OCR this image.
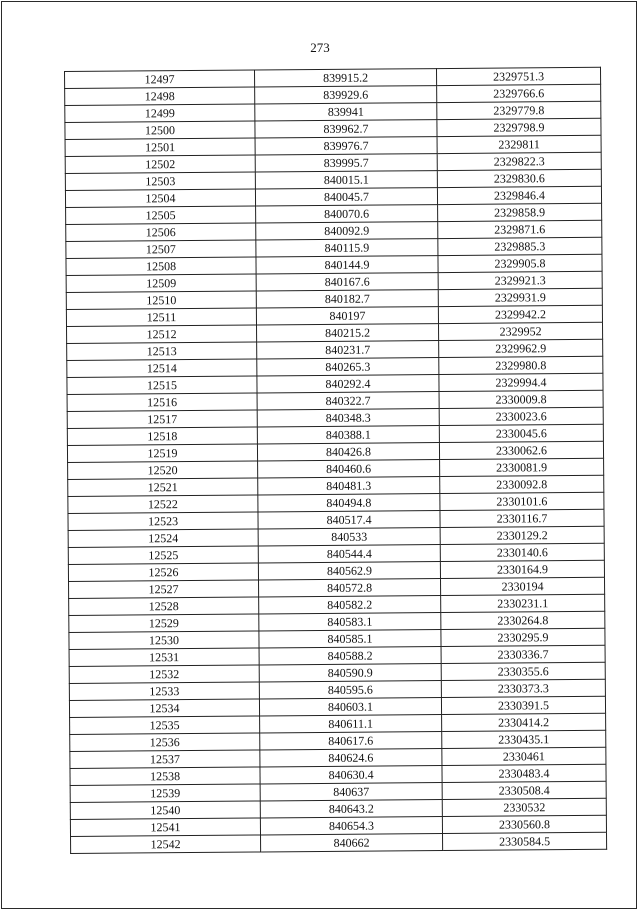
273
12497	839915.2	2329751.3
12498	839929.6	2329766.6
12499	839941	2329779.8
12500	839962.7	2329798.9
12501	839976.7	2329811
12502	839995.7	2329822.3
12503	840015.1	2329830.6
12504	840045.7	2329846.4
12505	840070.6	2329858.9
12506	840092.9	2329871.6
12507	840115.9	2329885.3
12508	840144.9	2329905.8
12509	840167.6	2329921.3
12510	840182.7	2329931.9
12511	840197	2329942.2
12512	840215.2	2329952
12513	840231.7	2329962.9
12514	840265.3	2329980.8
12515	840292.4	2329994.4
12516	840322.7	2330009.8
12517	840348.3	2330023.6
12518	840388.1	2330045.6
12519	840426.8	2330062.6
12520	840460.6	2330081.9
12521	840481.3	2330092.8
12522	840494.8	2330101.6
12523	840517.4	2330116.7
12524	840533	2330129.2
12525	840544.4	2330140.6
12526	840562.9	2330164.9
12527	840572.8	2330194
12528	840582.2	2330231.1
12529	840583.1	2330264.8
12530	840585.1	2330295.9
12531	840588.2	2330336.7
12532	840590.9	2330355.6
12533	840595.6	2330373.3
12534	840603.1	2330391.5
12535	840611.1	2330414.2
12536	840617.6	2330435.1
12537	840624.6	2330461
12538	840630.4	2330483.4
12539	840637	2330508.4
12540	840643.2	2330532
12541	840654.3	2330560.8
12542	840662	2330584.5
